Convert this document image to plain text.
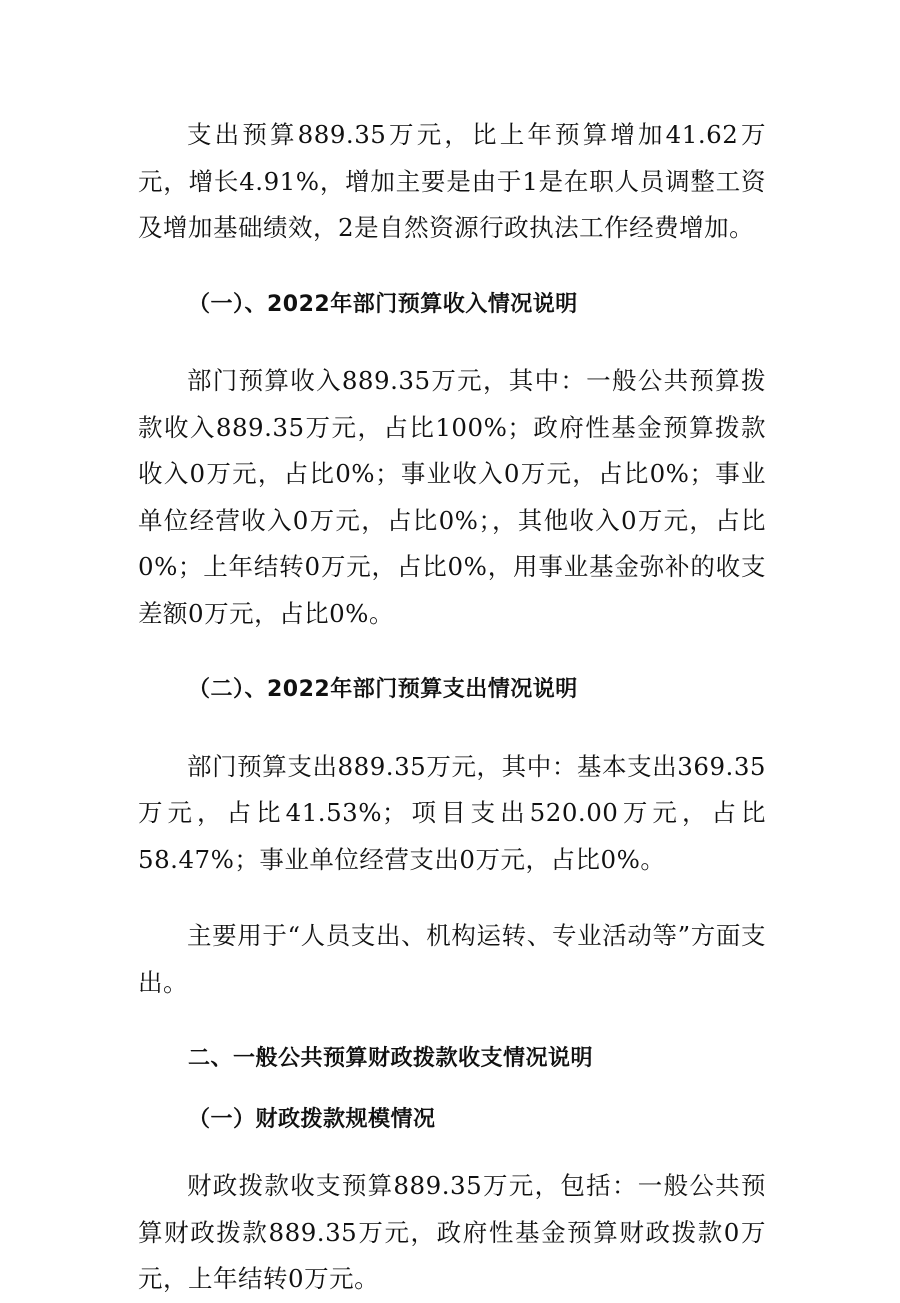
支出预算889.35万元，比上年预算增加41.62万元，增长4.91%，增加主要是由于1是在职人员调整工资及增加基础绩效，2是自然资源行政执法工作经费增加。

（一）、2022年部门预算收入情况说明

部门预算收入889.35万元，其中：一般公共预算拨款收入889.35万元，占比100%；政府性基金预算拨款收入0万元，占比0%；事业收入0万元，占比0%；事业单位经营收入0万元，占比0%；，其他收入0万元，占比0%；上年结转0万元，占比0%，用事业基金弥补的收支差额0万元，占比0%。

（二）、2022年部门预算支出情况说明

部门预算支出889.35万元，其中：基本支出369.35万元，占比41.53%；项目支出520.00万元，占比58.47%；事业单位经营支出0万元，占比0%。

主要用于“人员支出、机构运转、专业活动等”方面支出。

二、一般公共预算财政拨款收支情况说明

（一）财政拨款规模情况

财政拨款收支预算889.35万元，包括：一般公共预算财政拨款889.35万元，政府性基金预算财政拨款0万元，上年结转0万元。
